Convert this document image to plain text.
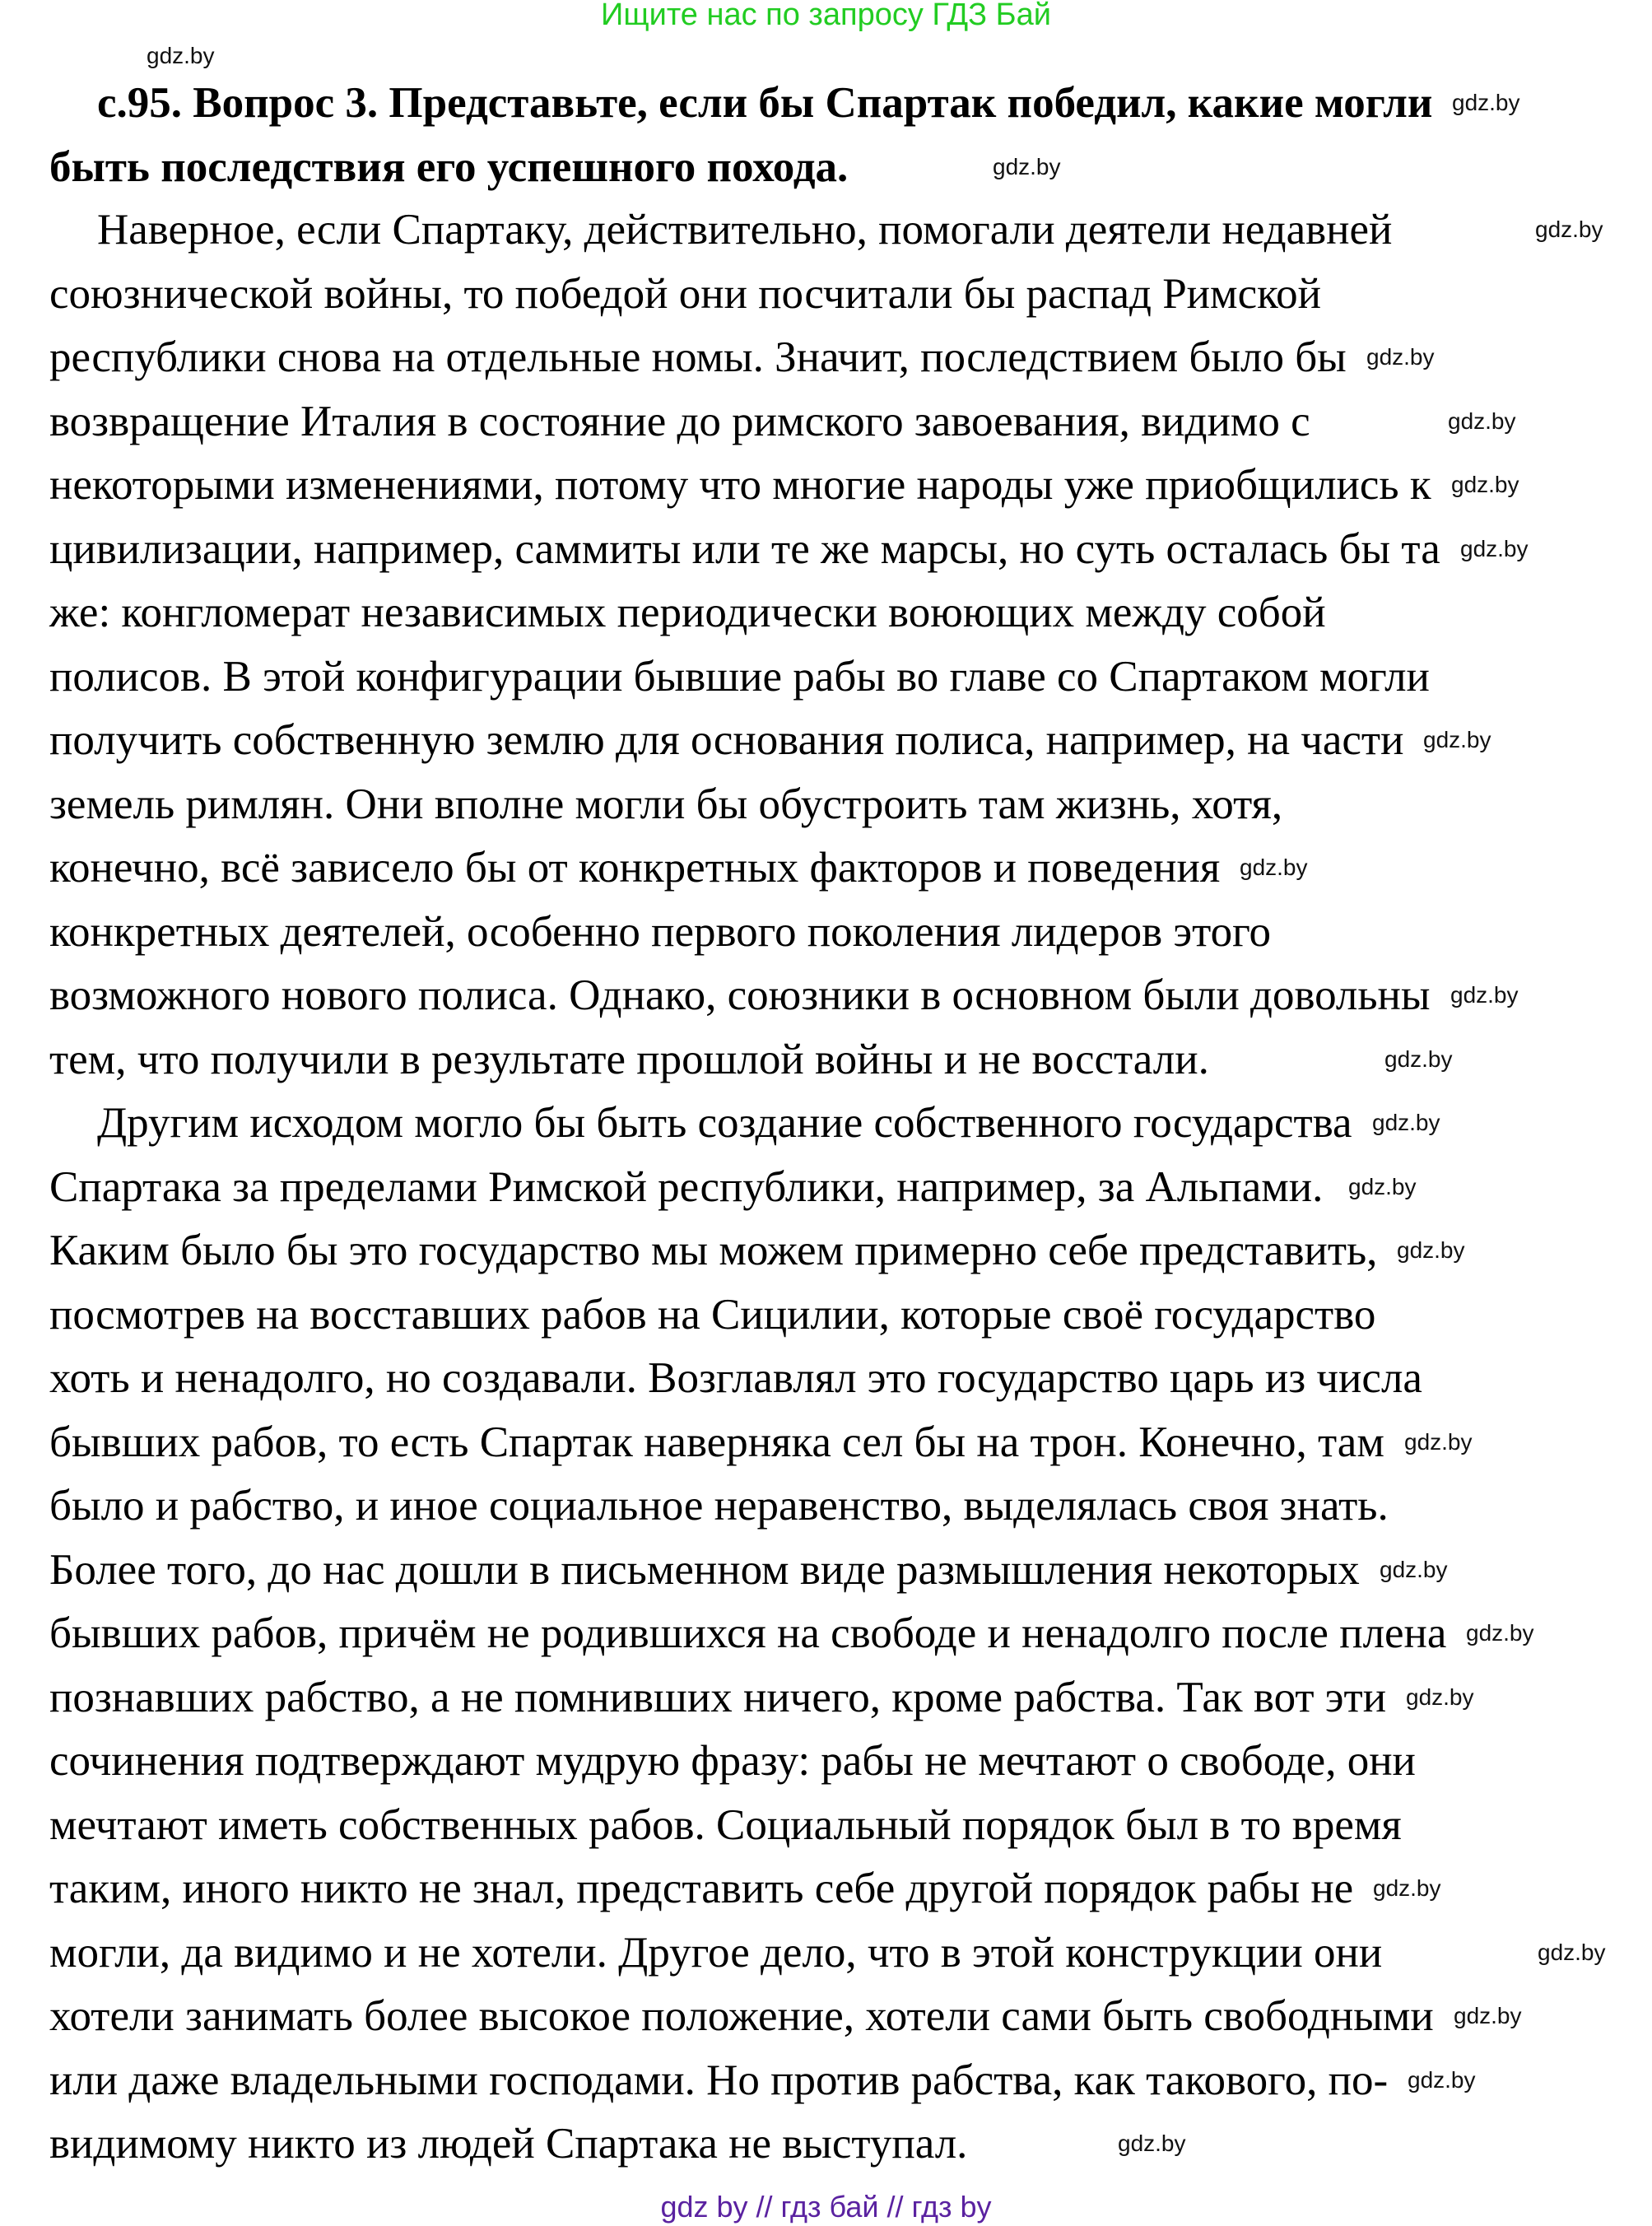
Ищите нас по запросу ГДЗ Бай
с.95. Вопрос 3. Представьте, если бы Спартак победил, какие могли
быть последствия его успешного похода.
Наверное, если Спартаку, действительно, помогали деятели недавней
союзнической войны, то победой они посчитали бы распад Римской
республики снова на отдельные номы. Значит, последствием было бы
возвращение Италия в состояние до римского завоевания, видимо с
некоторыми изменениями, потому что многие народы уже приобщились к
цивилизации, например, саммиты или те же марсы, но суть осталась бы та
же: конгломерат независимых периодически воюющих между собой
полисов. В этой конфигурации бывшие рабы во главе со Спартаком могли
получить собственную землю для основания полиса, например, на части
земель римлян. Они вполне могли бы обустроить там жизнь, хотя,
конечно, всё зависело бы от конкретных факторов и поведения
конкретных деятелей, особенно первого поколения лидеров этого
возможного нового полиса. Однако, союзники в основном были довольны
тем, что получили в результате прошлой войны и не восстали.
Другим исходом могло бы быть создание собственного государства
Спартака за пределами Римской республики, например, за Альпами.
Каким было бы это государство мы можем примерно себе представить,
посмотрев на восставших рабов на Сицилии, которые своё государство
хоть и ненадолго, но создавали. Возглавлял это государство царь из числа
бывших рабов, то есть Спартак наверняка сел бы на трон. Конечно, там
было и рабство, и иное социальное неравенство, выделялась своя знать.
Более того, до нас дошли в письменном виде размышления некоторых
бывших рабов, причём не родившихся на свободе и ненадолго после плена
познавших рабство, а не помнивших ничего, кроме рабства. Так вот эти
сочинения подтверждают мудрую фразу: рабы не мечтают о свободе, они
мечтают иметь собственных рабов. Социальный порядок был в то время
таким, иного никто не знал, представить себе другой порядок рабы не
могли, да видимо и не хотели. Другое дело, что в этой конструкции они
хотели занимать более высокое положение, хотели сами быть свободными
или даже владельными господами. Но против рабства, как такового, по-
видимому никто из людей Спартака не выступал.
gdz.by
gdz.by
gdz.by
gdz.by
gdz.by
gdz.by
gdz.by
gdz.by
gdz.by
gdz.by
gdz.by
gdz.by
gdz.by
gdz.by
gdz.by
gdz.by
gdz.by
gdz.by
gdz.by
gdz.by
gdz.by
gdz.by
gdz.by
gdz.by
gdz by // гдз бай // гдз by
